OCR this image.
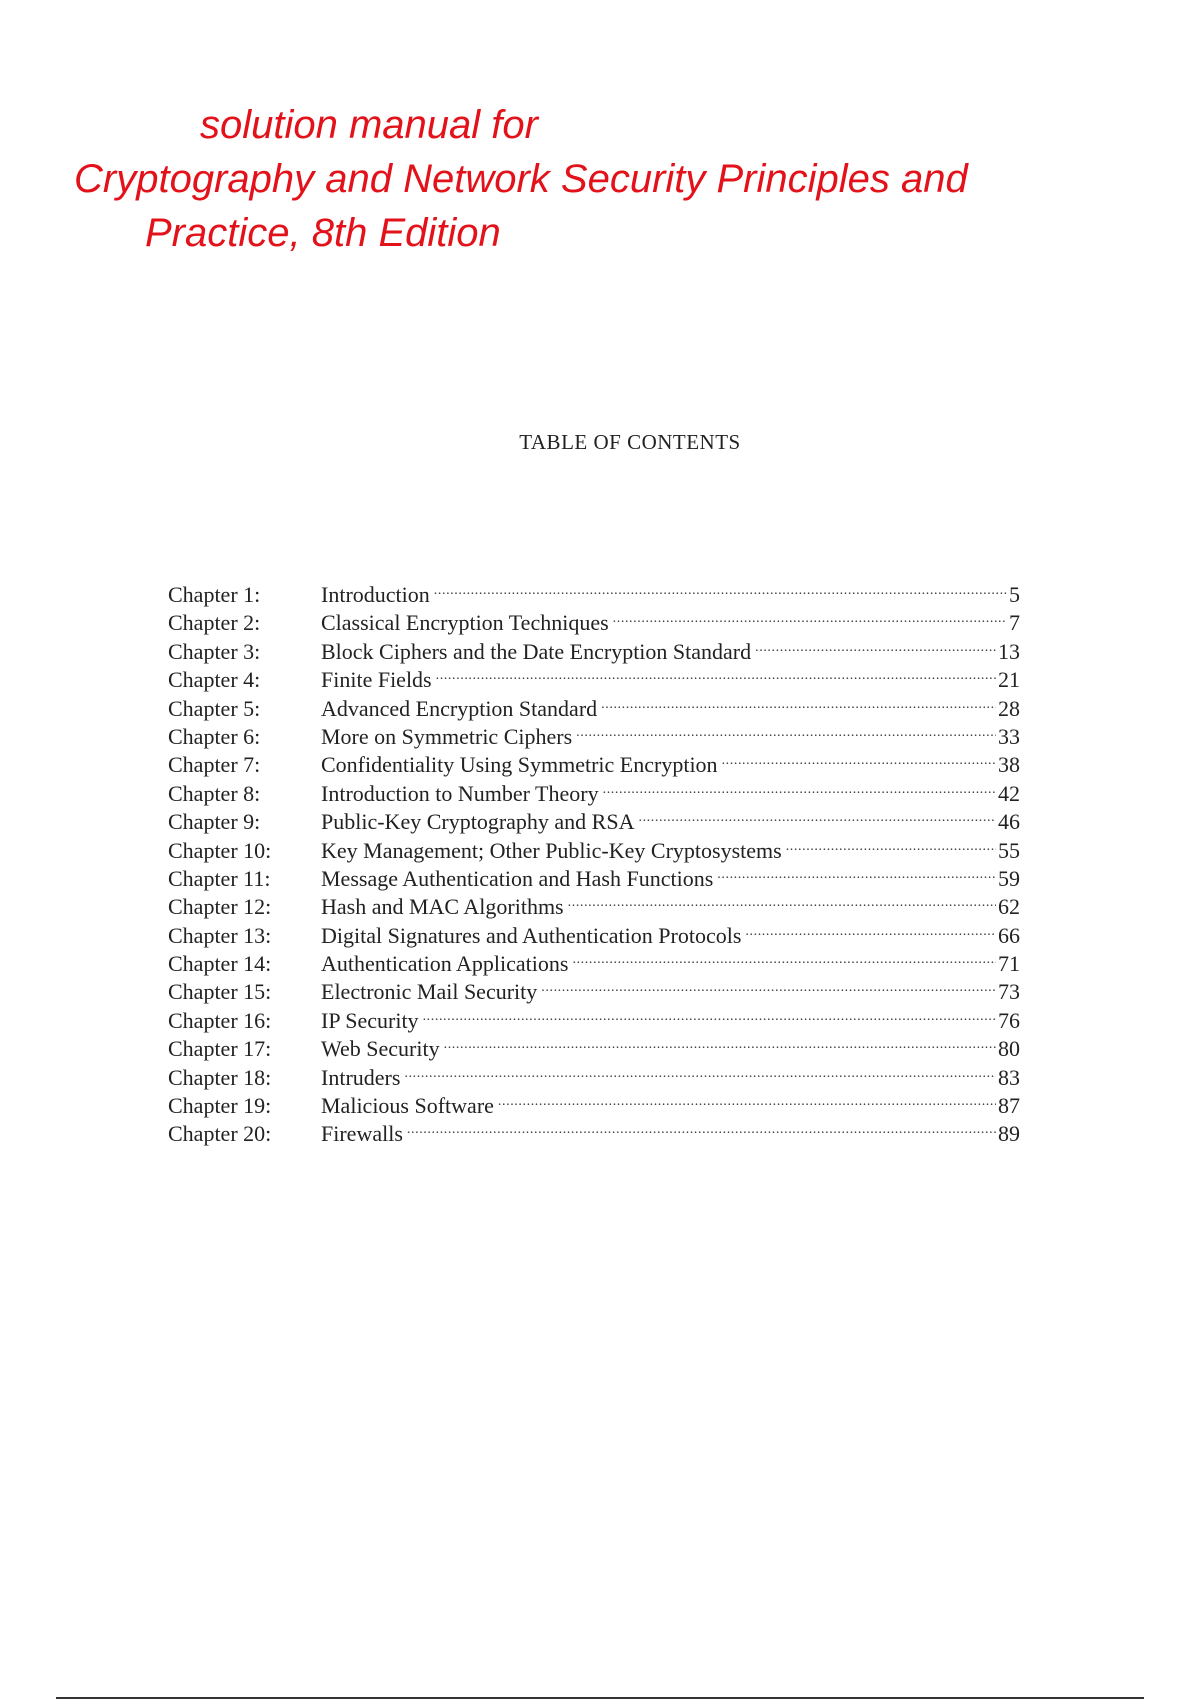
solution manual for
Cryptography and Network Security Principles and
Practice, 8th Edition
TABLE OF CONTENTS
Chapter 1:	Introduction .....	5
Chapter 2:	Classical Encryption Techniques .....	7
Chapter 3:	Block Ciphers and the Date Encryption Standard .....	13
Chapter 4:	Finite Fields .....	21
Chapter 5:	Advanced Encryption Standard .....	28
Chapter 6:	More on Symmetric Ciphers .....	33
Chapter 7:	Confidentiality Using Symmetric Encryption .....	38
Chapter 8:	Introduction to Number Theory .....	42
Chapter 9:	Public-Key Cryptography and RSA .....	46
Chapter 10:	Key Management; Other Public-Key Cryptosystems .....	55
Chapter 11:	Message Authentication and Hash Functions .....	59
Chapter 12:	Hash and MAC Algorithms .....	62
Chapter 13:	Digital Signatures and Authentication Protocols .....	66
Chapter 14:	Authentication Applications .....	71
Chapter 15:	Electronic Mail Security .....	73
Chapter 16:	IP Security .....	76
Chapter 17:	Web Security .....	80
Chapter 18:	Intruders .....	83
Chapter 19:	Malicious Software .....	87
Chapter 20:	Firewalls .....	89
